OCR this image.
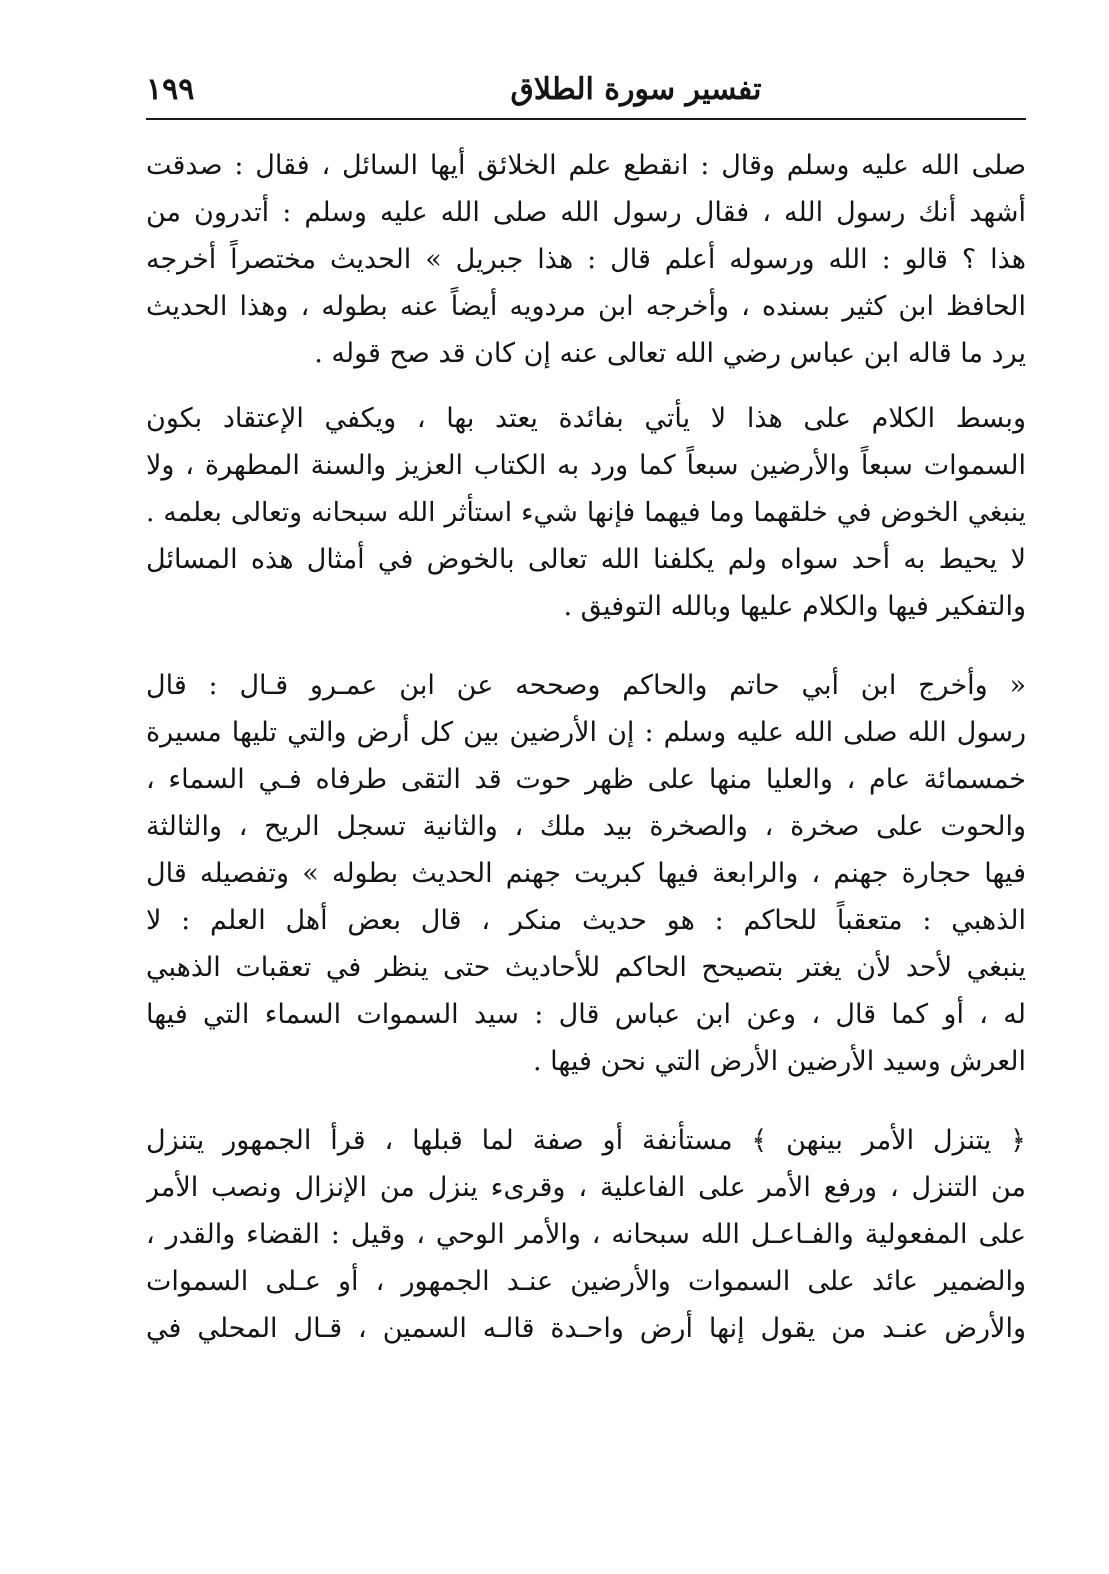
١٩٩	تفسير سورة الطلاق

صلى الله عليه وسلم وقال : انقطع علم الخلائق أيها السائل ، فقال : صدقت
أشهد أنك رسول الله ، فقال رسول الله صلى الله عليه وسلم : أتدرون من
هذا ؟ قالو : الله ورسوله أعلم قال : هذا جبريل » الحديث مختصراً أخرجه
الحافظ ابن كثير بسنده ، وأخرجه ابن مردويه أيضاً عنه بطوله ، وهذا الحديث
يرد ما قاله ابن عباس رضي الله تعالى عنه إن كان قد صح قوله .

وبسط الكلام على هذا لا يأتي بفائدة يعتد بها ، ويكفي الإعتقاد بكون
السموات سبعاً والأرضين سبعاً كما ورد به الكتاب العزيز والسنة المطهرة ، ولا
ينبغي الخوض في خلقهما وما فيهما فإنها شيء استأثر الله سبحانه وتعالى بعلمه .
لا يحيط به أحد سواه ولم يكلفنا الله تعالى بالخوض في أمثال هذه المسائل
والتفكير فيها والكلام عليها وبالله التوفيق .

« وأخرج ابن أبي حاتم والحاكم وصححه عن ابن عمـرو قـال : قال
رسول الله صلى الله عليه وسلم : إن الأرضين بين كل أرض والتي تليها مسيرة
خمسمائة عام ، والعليا منها على ظهر حوت قد التقى طرفاه فـي السماء ،
والحوت على صخرة ، والصخرة بيد ملك ، والثانية تسجل الريح ، والثالثة
فيها حجارة جهنم ، والرابعة فيها كبريت جهنم الحديث بطوله » وتفصيله قال
الذهبي : متعقباً للحاكم : هو حديث منكر ، قال بعض أهل العلم : لا
ينبغي لأحد لأن يغتر بتصيحح الحاكم للأحاديث حتى ينظر في تعقبات الذهبي
له ، أو كما قال ، وعن ابن عباس قال : سيد السموات السماء التي فيها
العرش وسيد الأرضين الأرض التي نحن فيها .

﴿ يتنزل الأمر بينهن ﴾ مستأنفة أو صفة لما قبلها ، قرأ الجمهور يتنزل
من التنزل ، ورفع الأمر على الفاعلية ، وقرىء ينزل من الإنزال ونصب الأمر
على المفعولية والفـاعـل الله سبحانه ، والأمر الوحي ، وقيل : القضاء والقدر ،
والضمير عائد على السموات والأرضين عنـد الجمهور ، أو عـلى السموات
والأرض عنـد من يقول إنها أرض واحـدة قالـه السمين ، قـال المحلي في
